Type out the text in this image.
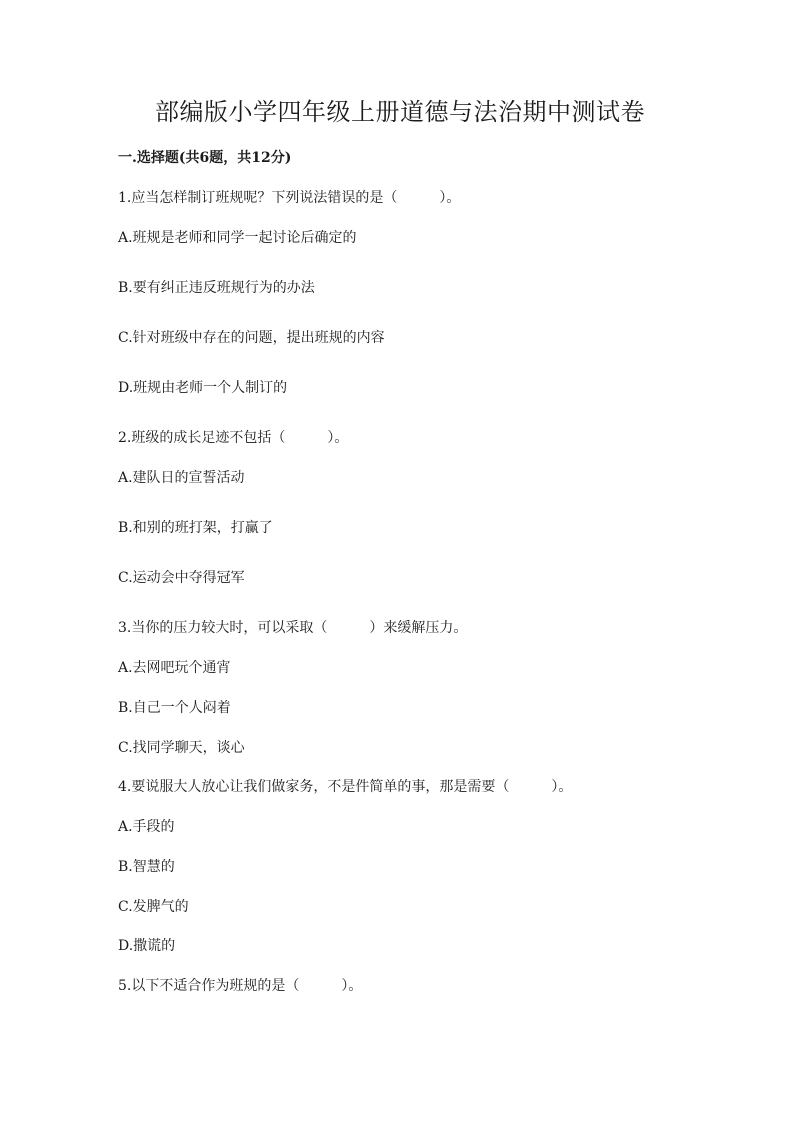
部编版小学四年级上册道德与法治期中测试卷
一.选择题(共6题，共12分)
1.应当怎样制订班规呢？下列说法错误的是（　　　）。
A.班规是老师和同学一起讨论后确定的
B.要有纠正违反班规行为的办法
C.针对班级中存在的问题，提出班规的内容
D.班规由老师一个人制订的
2.班级的成长足迹不包括（　　　）。
A.建队日的宣誓活动
B.和别的班打架，打赢了
C.运动会中夺得冠军
3.当你的压力较大时，可以采取（　　　）来缓解压力。
A.去网吧玩个通宵
B.自己一个人闷着
C.找同学聊天，谈心
4.要说服大人放心让我们做家务，不是件简单的事，那是需要（　　　）。
A.手段的
B.智慧的
C.发脾气的
D.撒谎的
5.以下不适合作为班规的是（　　　）。
